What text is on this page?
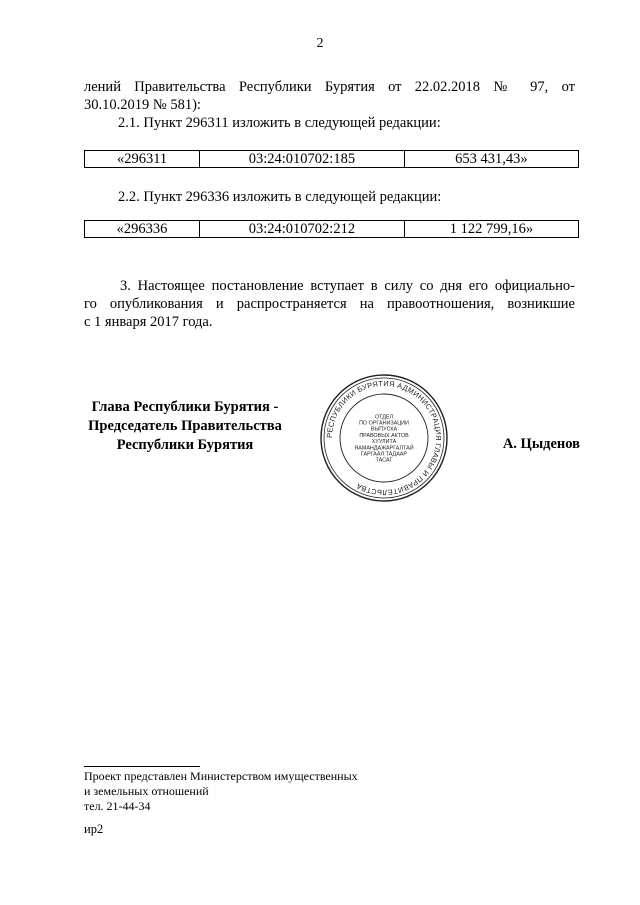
2
лений Правительства Республики Бурятия от 22.02.2018 № 97, от
30.10.2019 № 581):
2.1. Пункт 296311 изложить в следующей редакции:
«296311	03:24:010702:185	653 431,43»
2.2. Пункт 296336 изложить в следующей редакции:
«296336	03:24:010702:212	1 122 799,16»
3. Настоящее постановление вступает в силу со дня его официально-
го опубликования и распространяется на правоотношения, возникшие
с 1 января 2017 года.
Глава Республики Бурятия -
Председатель Правительства
Республики Бурятия
РЕСПУБЛИКИ БУРЯТИЯ АДМИНИСТРАЦИЯ ГЛАВЫ И ПРАВИТЕЛЬСТВА
ОТДЕЛ
ПО ОРГАНИЗАЦИИ
ВЫПУСКА
ПРАВОВЫХ АКТОВ
ХУУЛИТА
ЯАМАНДАЖАРГАЛТАЙ
ГАРГААЛ ТАДААР
ТАСАГ
А. Цыденов
Проект представлен Министерством имущественных
и земельных отношений
тел. 21-44-34
ир2
